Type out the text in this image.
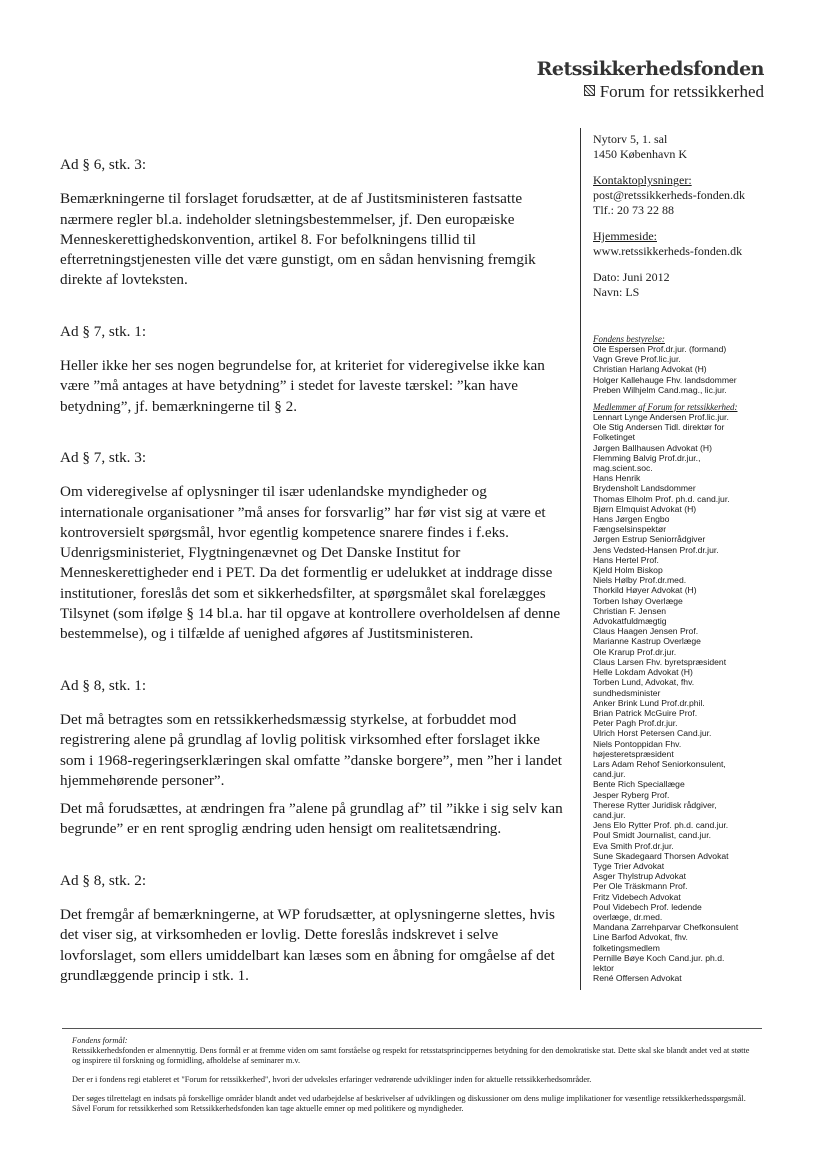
Retssikkerhedsfonden
Forum for retssikkerhed
Nytorv 5, 1. sal
1450 København K
Kontaktoplysninger:
post@retssikkerheds-fonden.dk
Tlf.: 20 73 22 88
Hjemmeside:
www.retssikkerheds-fonden.dk
Dato: Juni 2012
Navn: LS
Fondens bestyrelse:
Ole Espersen Prof.dr.jur. (formand)
Vagn Greve Prof.lic.jur.
Christian Harlang Advokat (H)
Holger Kallehauge Fhv. landsdommer
Preben Wilhjelm Cand.mag., lic.jur.
Medlemmer af Forum for retssikkerhed:
Lennart Lynge Andersen Prof.lic.jur.
Ole Stig Andersen Tidl. direktør for
Folketinget
Jørgen Ballhausen Advokat (H)
Flemming Balvig Prof.dr.jur.,
mag.scient.soc.
Hans Henrik
Brydensholt Landsdommer
Thomas Elholm Prof. ph.d. cand.jur.
Bjørn Elmquist Advokat (H)
Hans Jørgen Engbo
Fængselsinspektør
Jørgen Estrup Seniorrådgiver
Jens Vedsted-Hansen Prof.dr.jur.
Hans Hertel Prof.
Kjeld Holm Biskop
Niels Hølby Prof.dr.med.
Thorkild Høyer Advokat (H)
Torben Ishøy Overlæge
Christian F. Jensen
Advokatfuldmægtig
Claus Haagen Jensen Prof.
Marianne Kastrup Overlæge
Ole Krarup Prof.dr.jur.
Claus Larsen Fhv. byretspræsident
Helle Lokdam Advokat (H)
Torben Lund, Advokat, fhv.
sundhedsminister
Anker Brink Lund Prof.dr.phil.
Brian Patrick McGuire Prof.
Peter Pagh Prof.dr.jur.
Ulrich Horst Petersen Cand.jur.
Niels Pontoppidan Fhv.
højesteretspræsident
Lars Adam Rehof Seniorkonsulent,
cand.jur.
Bente Rich Speciallæge
Jesper Ryberg Prof.
Therese Rytter Juridisk rådgiver,
cand.jur.
Jens Elo Rytter Prof. ph.d. cand.jur.
Poul Smidt Journalist, cand.jur.
Eva Smith Prof.dr.jur.
Sune Skadegaard Thorsen Advokat
Tyge Trier Advokat
Asger Thylstrup Advokat
Per Ole Träskmann Prof.
Fritz Videbech Advokat
Poul Videbech Prof. ledende
overlæge, dr.med.
Mandana Zarrehparvar Chefkonsulent
Line Barfod Advokat, fhv.
folketingsmedlem
Pernille Bøye Koch Cand.jur. ph.d.
lektor
René Offersen Advokat

Ad § 6, stk. 3:

Bemærkningerne til forslaget forudsætter, at de af Justitsministeren fastsatte nærmere regler bl.a. indeholder sletningsbestemmelser, jf. Den europæiske Menneskerettighedskonvention, artikel 8. For befolkningens tillid til efterretningstjenesten ville det være gunstigt, om en sådan henvisning fremgik direkte af lovteksten.

Ad § 7, stk. 1:

Heller ikke her ses nogen begrundelse for, at kriteriet for videregivelse ikke kan være ”må antages at have betydning” i stedet for laveste tærskel: ”kan have betydning”, jf. bemærkningerne til § 2.

Ad § 7, stk. 3:

Om videregivelse af oplysninger til især udenlandske myndigheder og internationale organisationer ”må anses for forsvarlig” har før vist sig at være et kontroversielt spørgsmål, hvor egentlig kompetence snarere findes i f.eks. Udenrigsministeriet, Flygtningenævnet og Det Danske Institut for Menneskerettigheder end i PET. Da det formentlig er udelukket at inddrage disse institutioner, foreslås det som et sikkerhedsfilter, at spørgsmålet skal forelægges Tilsynet (som ifølge § 14 bl.a. har til opgave at kontrollere overholdelsen af denne bestemmelse), og i tilfælde af uenighed afgøres af Justitsministeren.

Ad § 8, stk. 1:

Det må betragtes som en retssikkerhedsmæssig styrkelse, at forbuddet mod registrering alene på grundlag af lovlig politisk virksomhed efter forslaget ikke som i 1968-regeringserklæringen skal omfatte ”danske borgere”, men ”her i landet hjemmehørende personer”.

Det må forudsættes, at ændringen fra ”alene på grundlag af” til ”ikke i sig selv kan begrunde” er en rent sproglig ændring uden hensigt om realitetsændring.

Ad § 8, stk. 2:

Det fremgår af bemærkningerne, at WP forudsætter, at oplysningerne slettes, hvis det viser sig, at virksomheden er lovlig. Dette foreslås indskrevet i selve lovforslaget, som ellers umiddelbart kan læses som en åbning for omgåelse af det grundlæggende princip i stk. 1.

Fondens formål:

Retssikkerhedsfonden er almennyttig. Dens formål er at fremme viden om samt forståelse og respekt for retsstatsprincippernes betydning for den demokratiske stat. Dette skal ske blandt andet ved at støtte og inspirere til forskning og formidling, afholdelse af seminarer m.v.

Der er i fondens regi etableret et "Forum for retssikkerhed", hvori der udveksles erfaringer vedrørende udviklinger inden for aktuelle retssikkerhedsområder.

Der søges tilrettelagt en indsats på forskellige områder blandt andet ved udarbejdelse af beskrivelser af udviklingen og diskussioner om dens mulige implikationer for væsentlige retssikkerhedsspørgsmål. Såvel Forum for retssikkerhed som Retssikkerhedsfonden kan tage aktuelle emner op med politikere og myndigheder.
